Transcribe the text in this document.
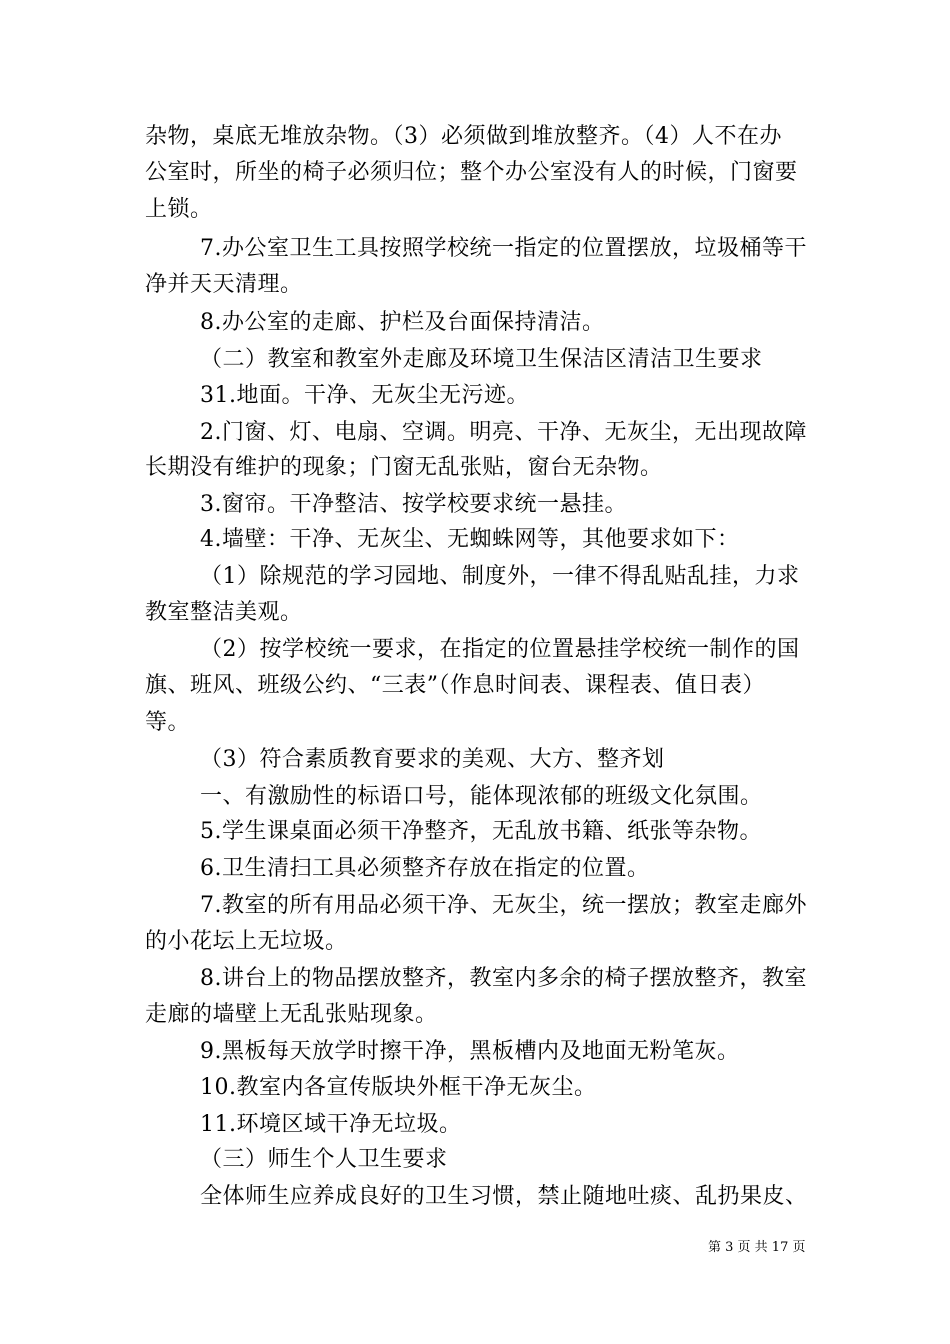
杂物，桌底无堆放杂物。（3）必须做到堆放整齐。（4）人不在办
公室时，所坐的椅子必须归位；整个办公室没有人的时候，门窗要
上锁。
7.办公室卫生工具按照学校统一指定的位置摆放，垃圾桶等干
净并天天清理。
8.办公室的走廊、护栏及台面保持清洁。
（二）教室和教室外走廊及环境卫生保洁区清洁卫生要求
31.地面。干净、无灰尘无污迹。
2.门窗、灯、电扇、空调。明亮、干净、无灰尘，无出现故障
长期没有维护的现象；门窗无乱张贴，窗台无杂物。
3.窗帘。干净整洁、按学校要求统一悬挂。
4.墙壁：干净、无灰尘、无蜘蛛网等，其他要求如下：
（1）除规范的学习园地、制度外，一律不得乱贴乱挂，力求
教室整洁美观。
（2）按学校统一要求，在指定的位置悬挂学校统一制作的国
旗、班风、班级公约、“三表”（作息时间表、课程表、值日表）
等。
（3）符合素质教育要求的美观、大方、整齐划
一、有激励性的标语口号，能体现浓郁的班级文化氛围。
5.学生课桌面必须干净整齐，无乱放书籍、纸张等杂物。
6.卫生清扫工具必须整齐存放在指定的位置。
7.教室的所有用品必须干净、无灰尘，统一摆放；教室走廊外
的小花坛上无垃圾。
8.讲台上的物品摆放整齐，教室内多余的椅子摆放整齐，教室
走廊的墙壁上无乱张贴现象。
9.黑板每天放学时擦干净，黑板槽内及地面无粉笔灰。
10.教室内各宣传版块外框干净无灰尘。
11.环境区域干净无垃圾。
（三）师生个人卫生要求
全体师生应养成良好的卫生习惯，禁止随地吐痰、乱扔果皮、
第 3 页 共 17 页
